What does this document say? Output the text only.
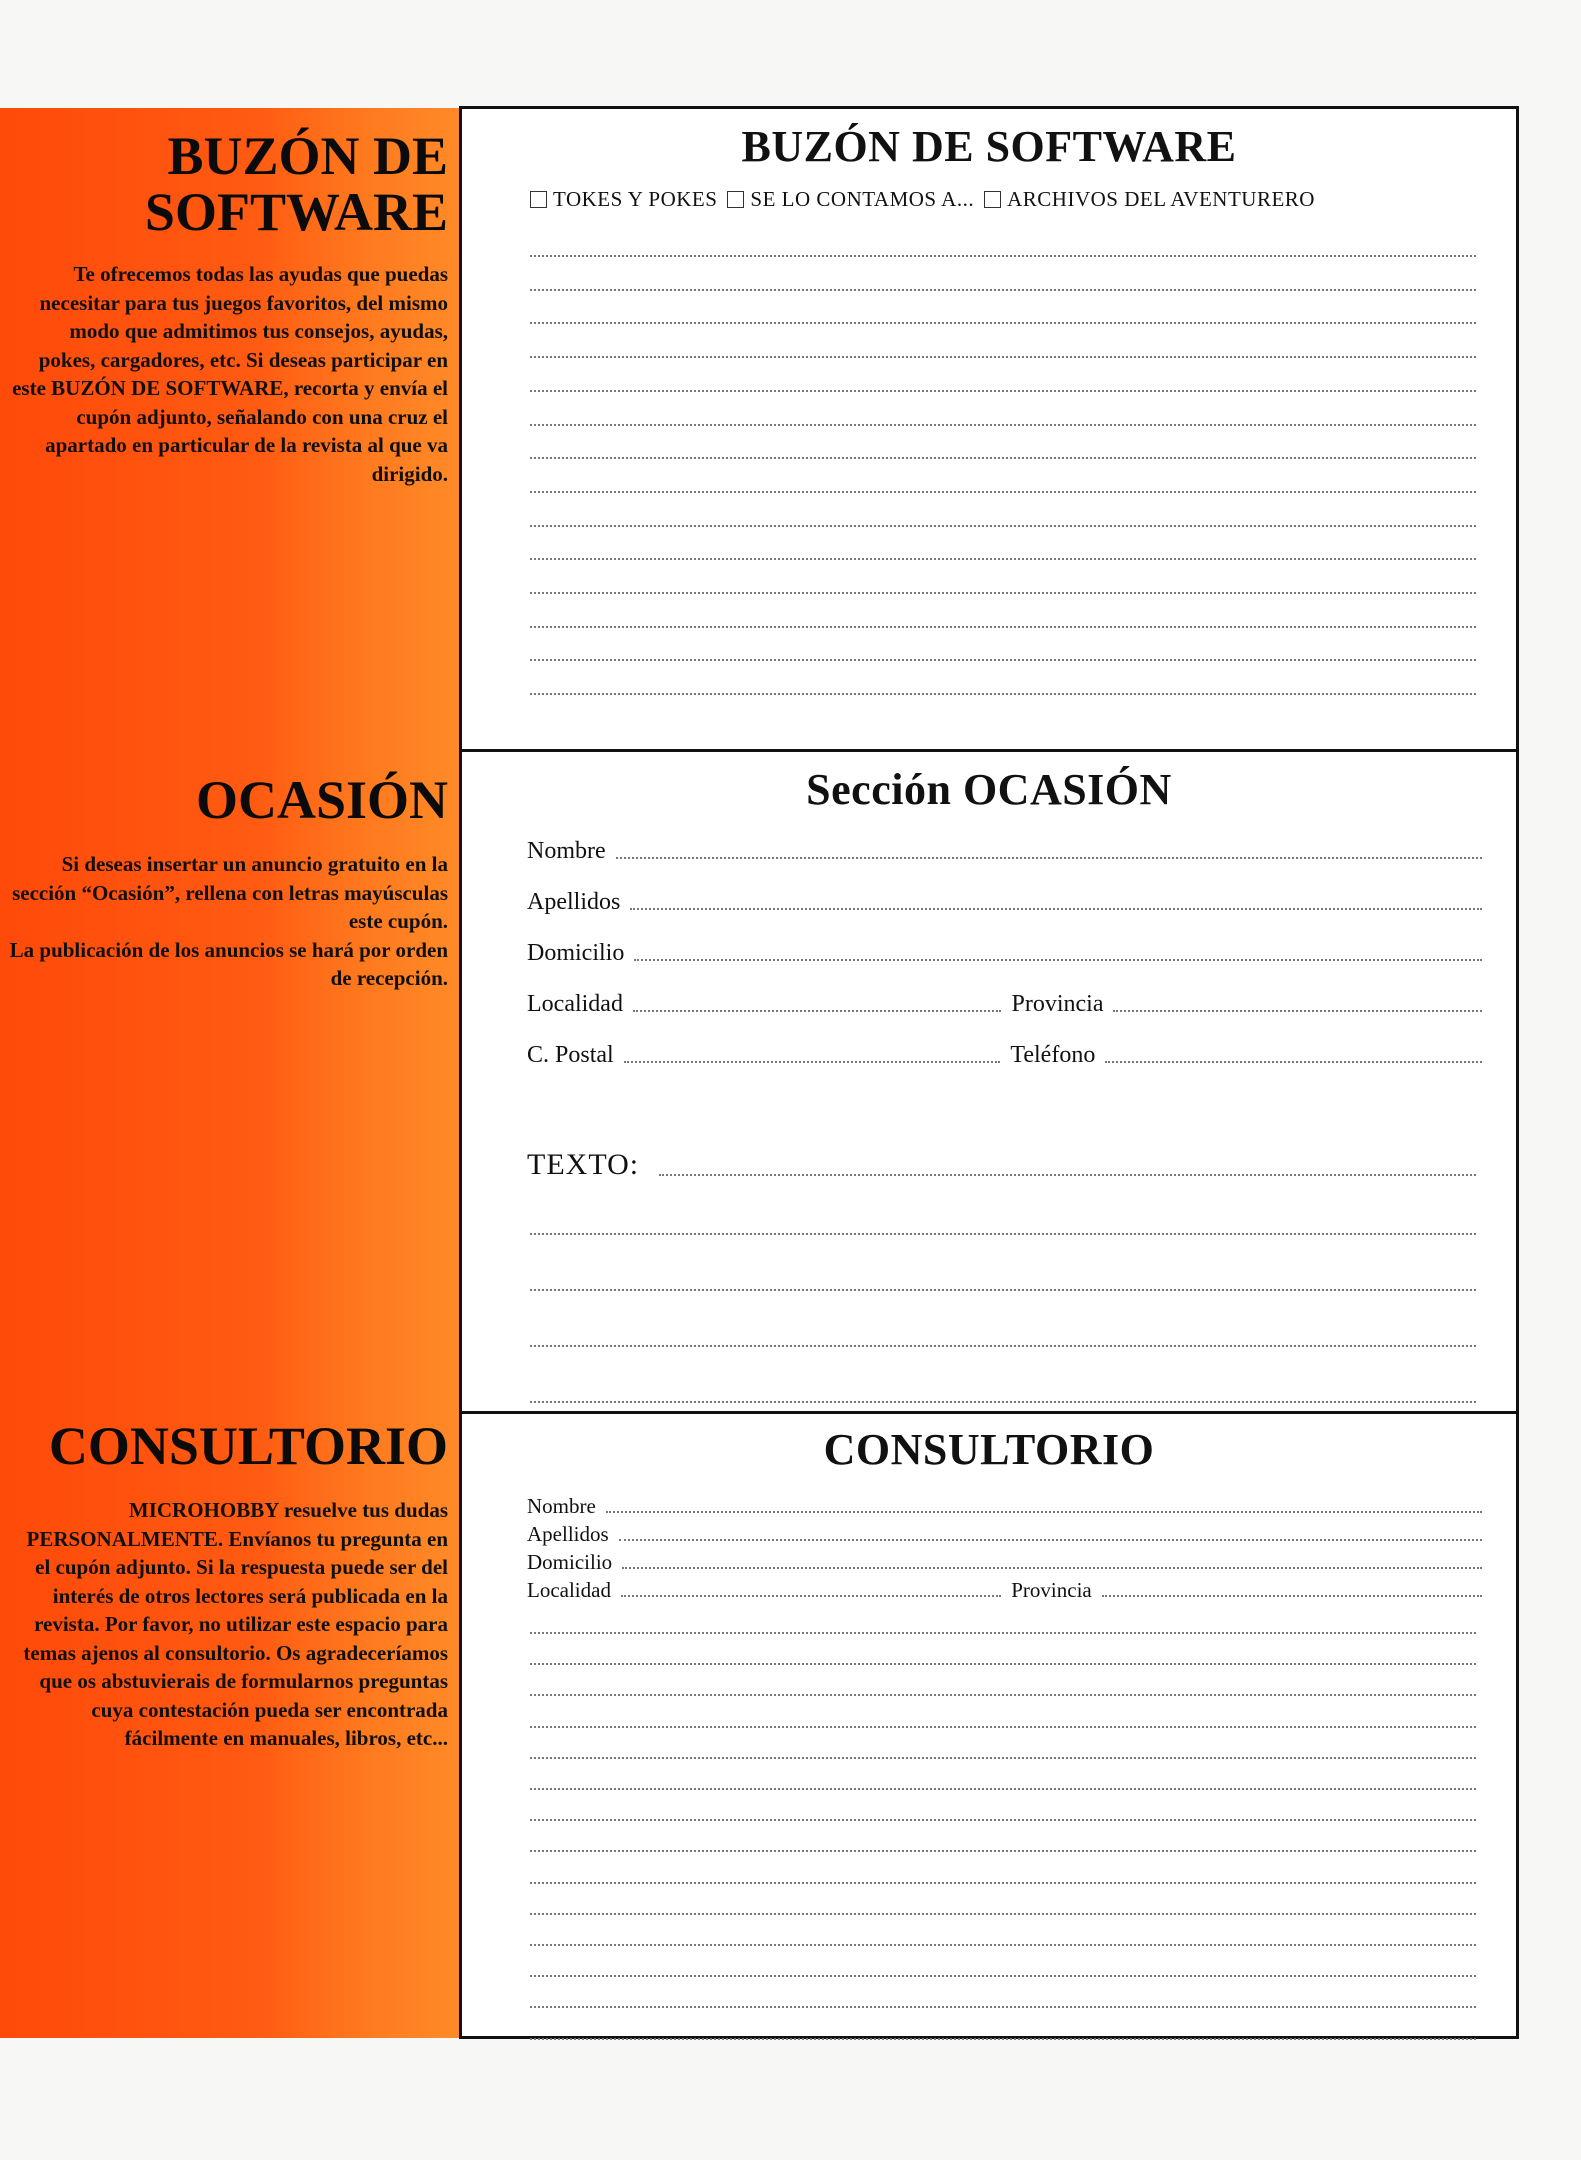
BUZÓN DE
SOFTWARE
Te ofrecemos todas las ayudas que puedas necesitar para tus juegos favoritos, del mismo modo que admitimos tus consejos, ayudas, pokes, cargadores, etc. Si deseas participar en este BUZÓN DE SOFTWARE, recorta y envía el cupón adjunto, señalando con una cruz el apartado en particular de la revista al que va dirigido.
OCASIÓN
Si deseas insertar un anuncio gratuito en la sección “Ocasión”, rellena con letras mayúsculas este cupón.
La publicación de los anuncios se hará por orden de recepción.
CONSULTORIO
MICROHOBBY resuelve tus dudas PERSONALMENTE. Envíanos tu pregunta en el cupón adjunto. Si la respuesta puede ser del interés de otros lectores será publicada en la revista. Por favor, no utilizar este espacio para temas ajenos al consultorio. Os agradeceríamos que os abstuvierais de formularnos preguntas cuya contestación pueda ser encontrada fácilmente en manuales, libros, etc...
BUZÓN DE SOFTWARE
TOKES Y POKES SE LO CONTAMOS A... ARCHIVOS DEL AVENTURERO
Sección OCASIÓN
Nombre
Apellidos
Domicilio
Localidad	Provincia
C. Postal	Teléfono
TEXTO:
CONSULTORIO
Nombre
Apellidos
Domicilio
Localidad	Provincia
